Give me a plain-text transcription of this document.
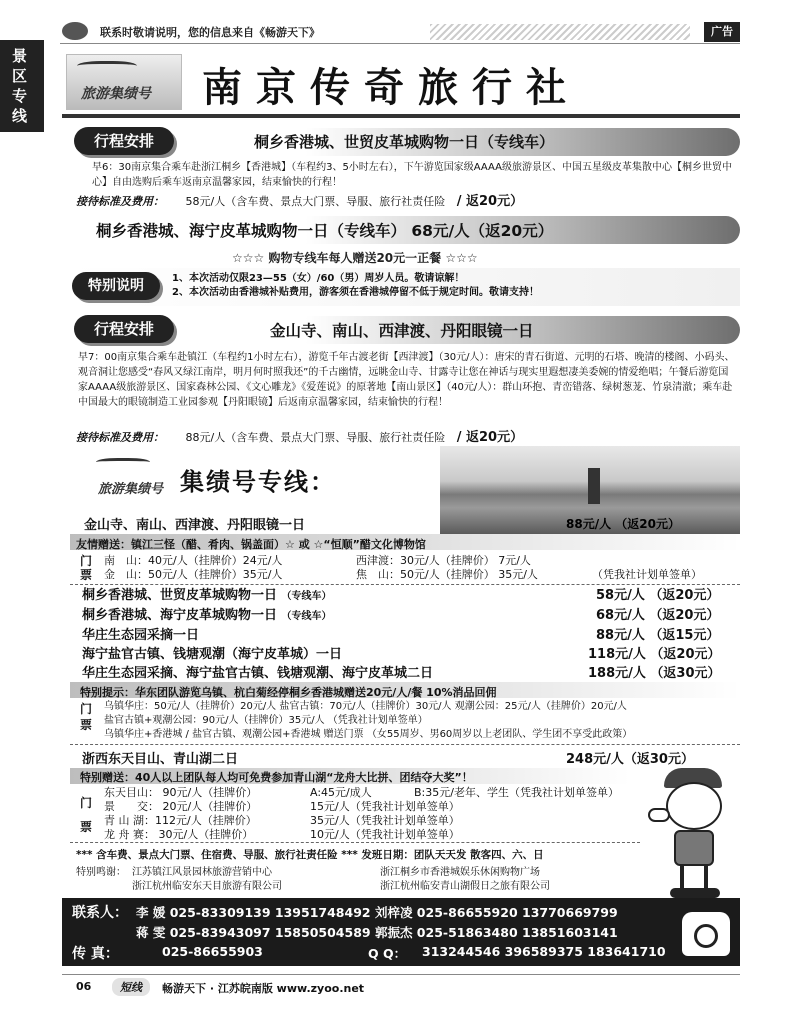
联系时敬请说明，您的信息来自《畅游天下》	广告
景区专线
旅游集绩号 南京传奇旅行社
行程安排	桐乡香港城、世贸皮革城购物一日（专线车）
早6：30南京集合乘车赴浙江桐乡【香港城】（车程约3、5小时左右），下午游览国家级AAAA级旅游景区、中国五星级皮革集散中心【桐乡世贸中心】自由选购后乘车返南京温馨家园，结束愉快的行程！
接待标准及费用： 58元/人（含车费、景点大门票、导服、旅行社责任险 / 返20元）
桐乡香港城、海宁皮革城购物一日（专线车） 68元/人（返20元）
☆☆☆ 购物专线车每人赠送20元一正餐 ☆☆☆
特别说明	1、本次活动仅限23—55（女）/60（男）周岁人员。敬请谅解！
2、本次活动由香港城补贴费用，游客须在香港城停留不低于规定时间。敬请支持！
行程安排	金山寺、南山、西津渡、丹阳眼镜一日
早7：00南京集合乘车赴镇江（车程约1小时左右），游览千年古渡老街【西津渡】（30元/人）：唐宋的青石街道、元明的石塔、晚清的楼阁、小码头、观音洞让您感受“春风又绿江南岸，明月何时照我还”的千古幽情，远眺金山寺、甘露寺让您在神话与现实里遐想凄美委婉的情爱绝唱；午餐后游览国家AAAA级旅游景区、国家森林公园、《文心雕龙》《爱莲说》的原著地【南山景区】（40元/人）：群山环抱、青峦错落、绿树葱茏、竹泉清澈；乘车赴中国最大的眼镜制造工业园参观【丹阳眼镜】后返南京温馨家园，结束愉快的行程！
接待标准及费用： 88元/人（含车费、景点大门票、导服、旅行社责任险 / 返20元）
旅游集绩号 集绩号专线：
金山寺、南山、西津渡、丹阳眼镜一日	88元/人 （返20元）
友情赠送：镇江三怪（醋、肴肉、锅盖面）☆ 或 ☆“恒顺”醋文化博物馆
门
票
南　山：40元/人（挂牌价）24元/人	西津渡：30元/人（挂牌价） 7元/人
金　山：50元/人（挂牌价）35元/人	焦　山：50元/人（挂牌价） 35元/人	（凭我社计划单签单）
桐乡香港城、世贸皮革城购物一日 （专线车）	58元/人 （返20元）
桐乡香港城、海宁皮革城购物一日 （专线车）	68元/人 （返20元）
华庄生态园采摘一日	88元/人 （返15元）
海宁盐官古镇、钱塘观潮（海宁皮革城）一日	118元/人 （返20元）
华庄生态园采摘、海宁盐官古镇、钱塘观潮、海宁皮革城二日	188元/人 （返30元）
特别提示：华东团队游览乌镇、杭白菊经停桐乡香港城赠送20元/人/餐 10%消品回佣
门
票
乌镇华庄：50元/人（挂牌价）20元/人 盐官古镇：70元/人（挂牌价）30元/人 观潮公园：25元/人（挂牌价）20元/人
盐官古镇+观潮公园：90元/人（挂牌价）35元/人 （凭我社计划单签单）
乌镇华庄+香港城 / 盐官古镇、观潮公园+香港城 赠送门票 （女55周岁、男60周岁以上老团队、学生团不享受此政策）
浙西东天目山、青山湖二日	248元/人（返30元）
特别赠送：40人以上团队每人均可免费参加青山湖“龙舟大比拼、团结夺大奖”！
门
票
东天目山： 90元/人（挂牌价）	A:45元/成人	B:35元/老年、学生（凭我社计划单签单）
景　　交： 20元/人（挂牌价）	15元/人（凭我社计划单签单）
青 山 湖：112元/人（挂牌价）	35元/人（凭我社计划单签单）
龙 舟 赛： 30元/人（挂牌价）	10元/人（凭我社计划单签单）
*** 含车费、景点大门票、住宿费、导服、旅行社责任险 *** 发班日期：团队天天发 散客四、六、日
特别鸣谢： 江苏镇江风景园林旅游营销中心
浙江杭州临安东天目旅游有限公司
浙江桐乡市香港城娱乐休闲购物广场
浙江杭州临安青山湖假日之旅有限公司
联系人： 李 媛 025-83309139 13951748492 刘梓凌 025-86655920 13770669799
蒋 雯 025-83943097 15850504589 郭振杰 025-51863480 13851603141
传 真：	025-86655903	Q Q： 313244546 396589375 183641710
06	短线	畅游天下 · 江苏皖南版 www.zyoo.net
